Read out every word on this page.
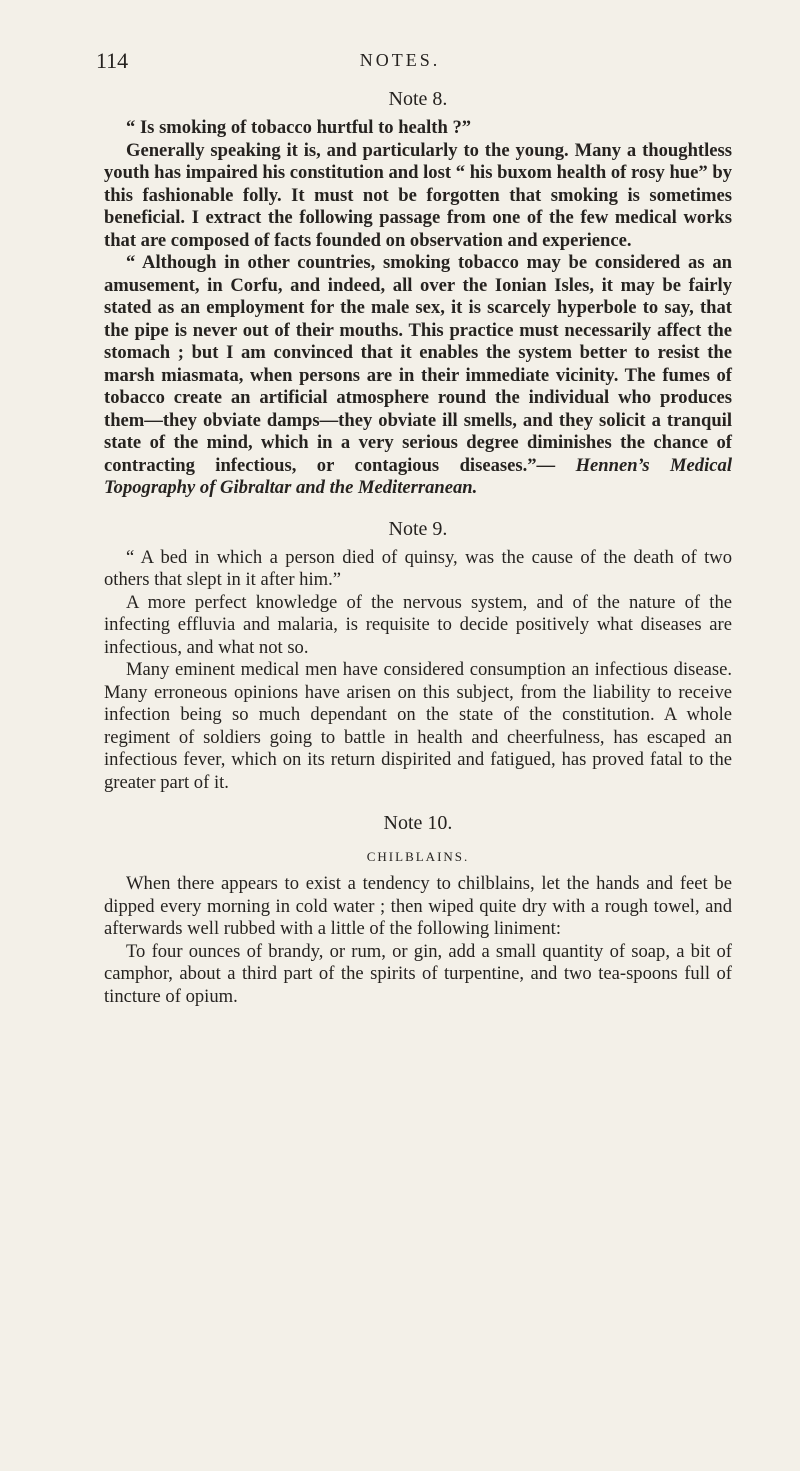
114	NOTES.
Note 8.

“ Is smoking of tobacco hurtful to health ?”

Generally speaking it is, and particularly to the young. Many a thoughtless youth has impaired his constitution and lost “ his buxom health of rosy hue” by this fashionable folly. It must not be forgotten that smoking is sometimes beneficial. I extract the following passage from one of the few medical works that are composed of facts founded on observation and experience.

“ Although in other countries, smoking tobacco may be considered as an amusement, in Corfu, and indeed, all over the Ionian Isles, it may be fairly stated as an employment for the male sex, it is scarcely hyperbole to say, that the pipe is never out of their mouths. This practice must necessarily affect the stomach ; but I am convinced that it enables the system better to resist the marsh miasmata, when persons are in their immediate vicinity. The fumes of tobacco create an artificial atmosphere round the individual who produces them—they obviate damps—they obviate ill smells, and they solicit a tranquil state of the mind, which in a very serious degree diminishes the chance of contracting infectious, or contagious diseases.”— Hennen’s Medical Topography of Gibraltar and the Mediterranean.

Note 9.

“ A bed in which a person died of quinsy, was the cause of the death of two others that slept in it after him.”

A more perfect knowledge of the nervous system, and of the nature of the infecting effluvia and malaria, is requisite to decide positively what diseases are infectious, and what not so.

Many eminent medical men have considered consumption an infectious disease. Many erroneous opinions have arisen on this subject, from the liability to receive infection being so much dependant on the state of the constitution. A whole regiment of soldiers going to battle in health and cheerfulness, has escaped an infectious fever, which on its return dispirited and fatigued, has proved fatal to the greater part of it.

Note 10.
CHILBLAINS.

When there appears to exist a tendency to chilblains, let the hands and feet be dipped every morning in cold water ; then wiped quite dry with a rough towel, and afterwards well rubbed with a little of the following liniment:

To four ounces of brandy, or rum, or gin, add a small quantity of soap, a bit of camphor, about a third part of the spirits of turpentine, and two tea-spoons full of tincture of opium.
